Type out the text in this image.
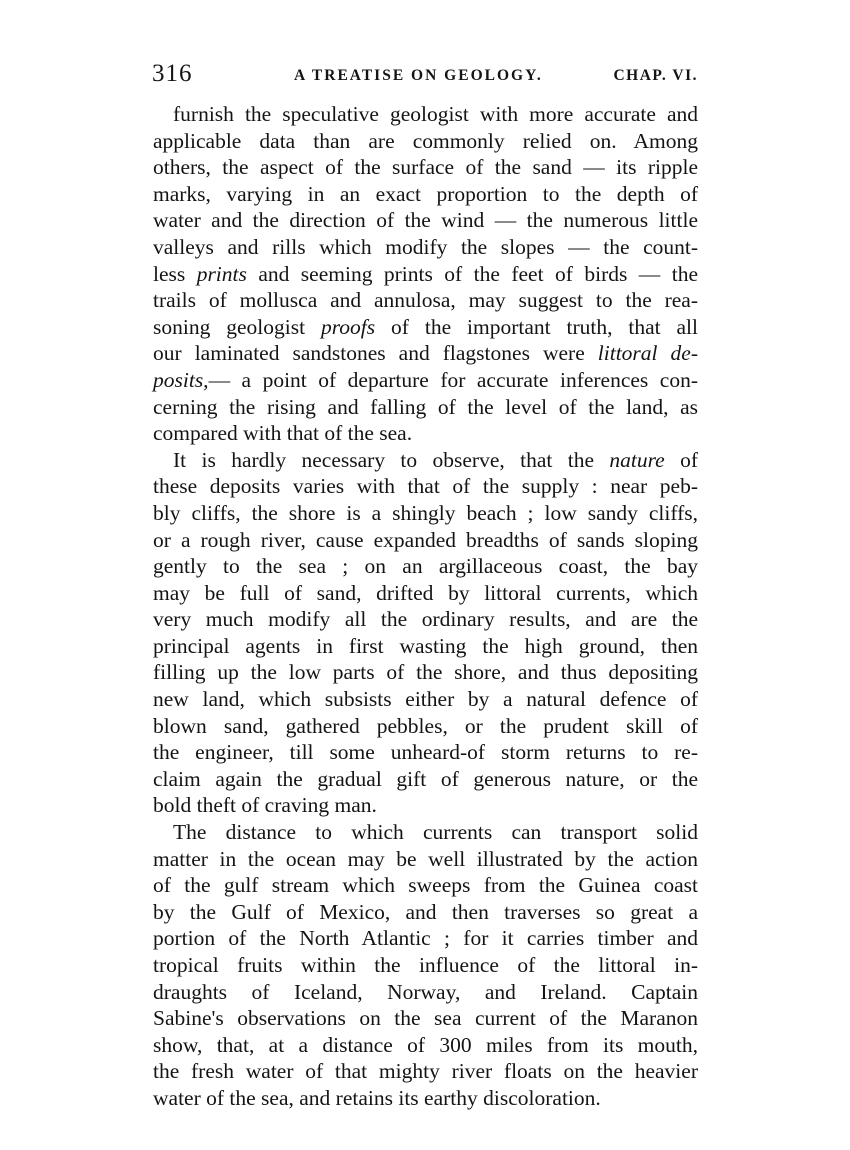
316	A TREATISE ON GEOLOGY.	CHAP. VI.
furnish the speculative geologist with more accurate and
applicable data than are commonly relied on. Among
others, the aspect of the surface of the sand — its ripple
marks, varying in an exact proportion to the depth of
water and the direction of the wind — the numerous little
valleys and rills which modify the slopes — the count-
less prints and seeming prints of the feet of birds — the
trails of mollusca and annulosa, may suggest to the rea-
soning geologist proofs of the important truth, that all
our laminated sandstones and flagstones were littoral de-
posits,— a point of departure for accurate inferences con-
cerning the rising and falling of the level of the land, as
compared with that of the sea.
It is hardly necessary to observe, that the nature of
these deposits varies with that of the supply : near peb-
bly cliffs, the shore is a shingly beach ; low sandy cliffs,
or a rough river, cause expanded breadths of sands sloping
gently to the sea ; on an argillaceous coast, the bay
may be full of sand, drifted by littoral currents, which
very much modify all the ordinary results, and are the
principal agents in first wasting the high ground, then
filling up the low parts of the shore, and thus depositing
new land, which subsists either by a natural defence of
blown sand, gathered pebbles, or the prudent skill of
the engineer, till some unheard-of storm returns to re-
claim again the gradual gift of generous nature, or the
bold theft of craving man.
The distance to which currents can transport solid
matter in the ocean may be well illustrated by the action
of the gulf stream which sweeps from the Guinea coast
by the Gulf of Mexico, and then traverses so great a
portion of the North Atlantic ; for it carries timber and
tropical fruits within the influence of the littoral in-
draughts of Iceland, Norway, and Ireland. Captain
Sabine's observations on the sea current of the Maranon
show, that, at a distance of 300 miles from its mouth,
the fresh water of that mighty river floats on the heavier
water of the sea, and retains its earthy discoloration.
